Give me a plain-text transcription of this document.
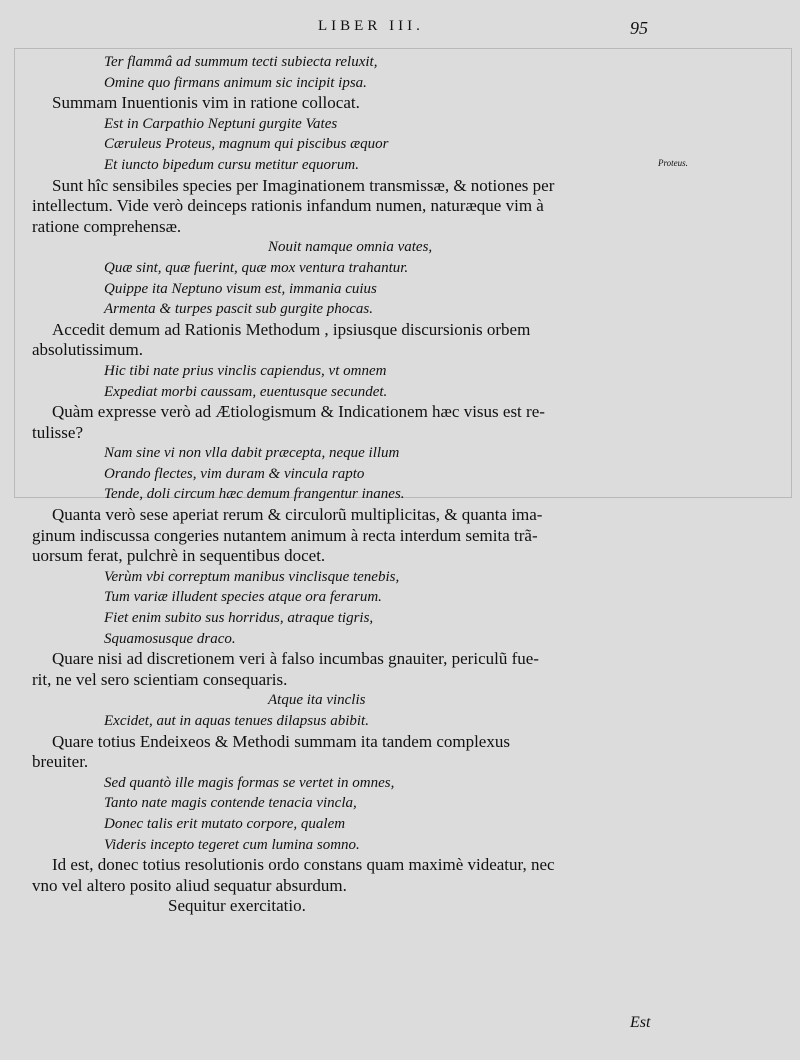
LIBER III.	95
Proteus.
Ter flammâ ad summum tecti subiecta reluxit,
Omine quo firmans animum sic incipit ipsa.
Summam Inuentionis vim in ratione collocat.
Est in Carpathio Neptuni gurgite Vates
Cæruleus Proteus, magnum qui piscibus æquor
Et iuncto bipedum cursu metitur equorum.
Sunt hîc sensibiles species per Imaginationem transmissæ, & notiones per
intellectum. Vide verò deinceps rationis infandum numen, naturæque vim à
ratione comprehensæ.
Nouit namque omnia vates,
Quæ sint, quæ fuerint, quæ mox ventura trahantur.
Quippe ita Neptuno visum est, immania cuius
Armenta & turpes pascit sub gurgite phocas.
Accedit demum ad Rationis Methodum , ipsiusque discursionis orbem
absolutissimum.
Hic tibi nate prius vinclis capiendus, vt omnem
Expediat morbi caussam, euentusque secundet.
Quàm expresse verò ad Ætiologismum & Indicationem hæc visus est re-
tulisse?
Nam sine vi non vlla dabit præcepta, neque illum
Orando flectes, vim duram & vincula rapto
Tende, doli circum hæc demum frangentur inanes.
Quanta verò sese aperiat rerum & circulorũ multiplicitas, & quanta ima-
ginum indiscussa congeries nutantem animum à recta interdum semita trã-
uorsum ferat, pulchrè in sequentibus docet.
Verùm vbi correptum manibus vinclisque tenebis,
Tum variæ illudent species atque ora ferarum.
Fiet enim subito sus horridus, atraque tigris,
Squamosusque draco.
Quare nisi ad discretionem veri à falso incumbas gnauiter, periculũ fue-
rit, ne vel sero scientiam consequaris.
Atque ita vinclis
Excidet, aut in aquas tenues dilapsus abibit.
Quare totius Endeixeos & Methodi summam ita tandem complexus
breuiter.
Sed quantò ille magis formas se vertet in omnes,
Tanto nate magis contende tenacia vincla,
Donec talis erit mutato corpore, qualem
Videris incepto tegeret cum lumina somno.
Id est, donec totius resolutionis ordo constans quam maximè videatur, nec
vno vel altero posito aliud sequatur absurdum.
Sequitur exercitatio.
Est
